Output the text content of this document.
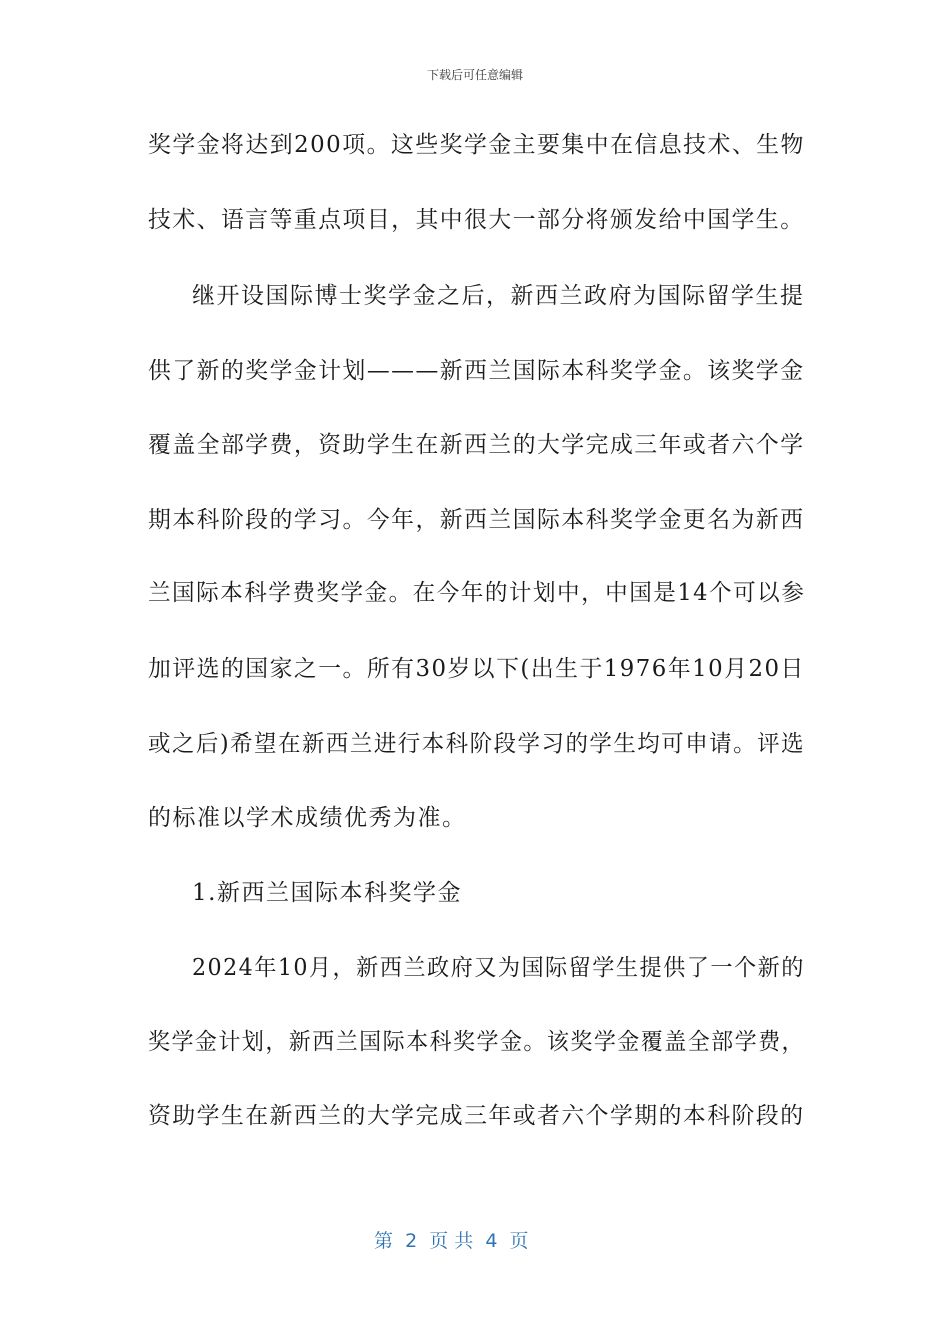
下载后可任意编辑
奖学金将达到200项。这些奖学金主要集中在信息技术、生物
技术、语言等重点项目，其中很大一部分将颁发给中国学生。
继开设国际博士奖学金之后，新西兰政府为国际留学生提
供了新的奖学金计划———新西兰国际本科奖学金。该奖学金
覆盖全部学费，资助学生在新西兰的大学完成三年或者六个学
期本科阶段的学习。今年，新西兰国际本科奖学金更名为新西
兰国际本科学费奖学金。在今年的计划中，中国是14个可以参
加评选的国家之一。所有30岁以下(出生于1976年10月20日
或之后)希望在新西兰进行本科阶段学习的学生均可申请。评选
的标准以学术成绩优秀为准。
1.新西兰国际本科奖学金
2024年10月，新西兰政府又为国际留学生提供了一个新的
奖学金计划，新西兰国际本科奖学金。该奖学金覆盖全部学费，
资助学生在新西兰的大学完成三年或者六个学期的本科阶段的
第  2  页 共  4  页
